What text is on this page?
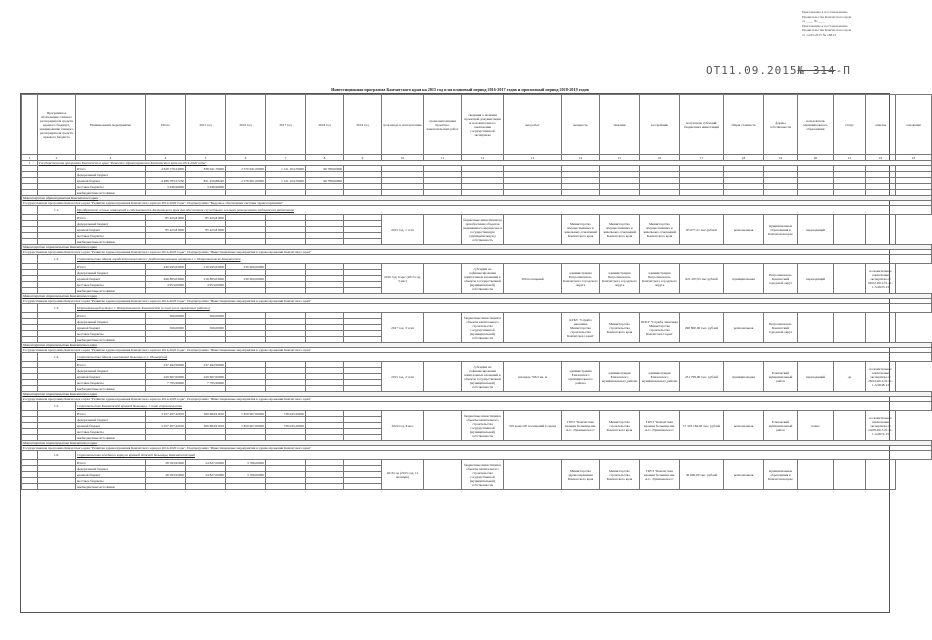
Приложение к постановлению
Правительства Камчатского края
от ____ № ____
Приложение к постановлению
Правительства Камчатского края
от 14.05.2015 № 168-П
ОТ11.09.2015№ 314-П
Инвестиционная программа Камчатского края на 2015 год и на плановый период 2016-2017 годов и прогнозный период 2018-2019 годов
	Программное обозначение главного распорядителя средств краевого бюджета, наименование главного распорядителя средств краевого бюджета	Наименование мероприятия	Итого	2015 год	2016 год	2017 год	2018 год	2019 год	срок ввода в эксплуатацию	сроки выполнения проектно-изыскательских работ	сведения о наличии проектной документации и положительного заключения государственной экспертизы	вид работ	мощность	заказчик	застройщик	получатель субсидий, бюджетных инвестиций	общая стоимость	формы собственности	пользователь муниципального образования	статус	отметка	основание
1	2	3	4	5	6	7	8	9	10	11	12	13	14	15	16	17	18	19	20	21	22	23
1	Государственная программа Камчатского края "Развитие здравоохранения Камчатского края на 2014-2020 годы"																					
		Итого	4 629 776,54000	838 041,79000	2 570 941,00000	1 121 104,76000	99 789,00000															
		федеральный бюджет																				
		краевой бюджет	4 489 783,57230	851 250,88240	2 276 901,00000	1 121 104,76000	99 789,00000															
		местные бюджеты	3 649,96000	3 649,96000																		
		внебюджетные источники																				
Министерство здравоохранения Камчатского края																						
Государственная программа Камчатского края "Развитие здравоохранения Камчатского края на 2014-2020 годы", Подпрограмма "Кадровое обеспечение системы здравоохранения"																						
	1.1.	Приобретение жилых помещений в собственность Камчатского края для обеспечения служебными жилыми помещениями медицинских работников																				
		Итого	85 425,81000	85 425,81000					2015 год, 1 этап		бюджетные инвестиции на приобретение объектов недвижимого имущества в государственную (муниципальную) собственность		Министерство имущественных и земельных отношений Камчатского края	Министерство имущественных и земельных отношений Камчатского края	Министерство имущественных и земельных отношений Камчатского края	85 077,21 тыс.рублей	региональная	муниципальные образования в Камчатском крае	переходящий			
		федеральный бюджет																				
		краевой бюджет	85 425,81000	85 425,81000																		
		местные бюджеты																				
		внебюджетные источники																				
Министерство строительства Камчатского края																						
Государственная программа Камчатского края "Развитие здравоохранения Камчатского края на 2014-2020 годы", Подпрограмма "Инвестиционные мероприятия в здравоохранении Камчатского края"																						
	1.2.	Строительство здания городской поликлиники с реабилитационным центром в г. Петропавловске-Камчатском																				
		Итого	449 945,63000	219 945,63000	230 000,00000				2016 год, 6 мес (2015 год, 3 мес)		субсидии на софинансирование капитальных вложений в объекты государственной (муниципальной) собственности	500 посещений	администрация Петропавловск-Камчатского городского округа	администрация Петропавловск-Камчатского городского округа	администрация Петропавловск-Камчатского городского округа	621 297,93 тыс.рублей	муниципальная	Петропавловск-Камчатский городской округ	переходящий		положительное заключение экспертизы от 06.02.2014 № 41-1-5-0023-13	
		федеральный бюджет																				
		краевой бюджет	446 893,03000	216 893,03000	230 000,00000																	
		местные бюджеты	4 953,00000	4 953,00000																		
		внебюджетные источники																				
Министерство строительства Камчатского края																						
Государственная программа Камчатского края "Развитие здравоохранения Камчатского края на 2014-2020 годы", Подпрограмма "Инвестиционные мероприятия в здравоохранении Камчатского края"																						
	1.3.	Перинатальный центр в г. Петропавловске-Камчатском (в том числе проектные работы)																				
		Итого	500,00000	500,00000					2017 год, 3 этап		бюджетные инвестиции в объекты капитального строительства государственной (муниципальной) собственности		КГКУ "Служба заказчика Министерства строительства Камчатского края"	Министерство строительства Камчатского края	КГКУ "Служба заказчика Министерства строительства Камчатского края"	290 800,00 тыс. рублей	региональная	Петропавловск-Камчатский городской округ				
		федеральный бюджет																				
		краевой бюджет	500,00000	500,00000																		
		местные бюджеты																				
		внебюджетные источники																				
Министерство строительства Камчатского края																						
Государственная программа Камчатского края "Развитие здравоохранения Камчатского края на 2014-2020 годы", Подпрограмма "Инвестиционные мероприятия в здравоохранении Камчатского края"																						
	1.4.	Строительство здания участковой больницы в п. Пионерский																				
		Итого	237 492,99000	237 492,99000					2015 год, 2 этап		субсидии на софинансирование капитальных вложений в объекты государственной (муниципальной) собственности	площадь 706,5 кв. м	администрация Елизовского муниципального района	администрация Елизовского муниципального района	администрация Елизовского муниципального района	231 799,00 тыс. рублей	муниципальная	Елизовский муниципальный район	переходящий	да	положительное заключение экспертизы от 28.04.2014 № 41-1-5-0048-13	
		федеральный бюджет																				
		краевой бюджет	229 697,00000	229 697,00000																		
		местные бюджеты	7 795,99000	7 795,99000																		
		внебюджетные источники																				
Министерство строительства Камчатского края																						
Государственная программа Камчатского края "Развитие здравоохранения Камчатского края на 2014-2020 годы", Подпрограмма "Инвестиционные мероприятия в здравоохранении Камчатского края"																						
	1.5.	Строительство Камчатской краевой больницы, 1 этап строительства																				
		Итого	3 257 267,42910	369 684,91910	1 859 967,00000	728 045,29000			2020 год, 6 мес		бюджетные инвестиции в объекты капитального строительства государственной (муниципальной) собственности	310 коек/120 посещений в смену	ГБУЗ "Камчатская краевая больница им. А.С. Лукашевского"	Министерство строительства Камчатского края	ГБУЗ "Камчатская краевая больница им. А.С. Лукашевского"	17 319 184,00 тыс. рублей	региональная	Елизовский муниципальный район	новое		положительное заключение экспертизы от 24.08.2015 № 41-1-4-0072-15	
		федеральный бюджет																				
		краевой бюджет	3 257 267,42910	369 684,91910	1 859 967,00000	728 045,29000																
		местные бюджеты																				
		внебюджетные источники																				
Министерство строительства Камчатского края																						
Государственная программа Камчатского края "Развитие здравоохранения Камчатского края на 2014-2020 годы", Подпрограмма "Инвестиционные мероприятия в здравоохранении Камчатского края"																						
	1.6.	Строительство лечебного корпуса краевой детской больницы, Камчатский край																				
		Итого	28 593,95000	24 827,00000	3 766,00000				2016 год (2015 год, 11 месяцев)		бюджетные инвестиции в объекты капитального строительства государственной (муниципальной) собственности		Министерство здравоохранения Камчатского края	Министерство строительства Камчатского края	ГБУЗ "Камчатская краевая больница им. А.С. Лукашевского"	36 600,00 тыс. рублей	региональная	муниципальные образования в Камчатском крае				
		федеральный бюджет																				
		краевой бюджет	28 593,95000	24 827,00000	3 766,00000																	
		местные бюджеты																				
		внебюджетные источники																				
